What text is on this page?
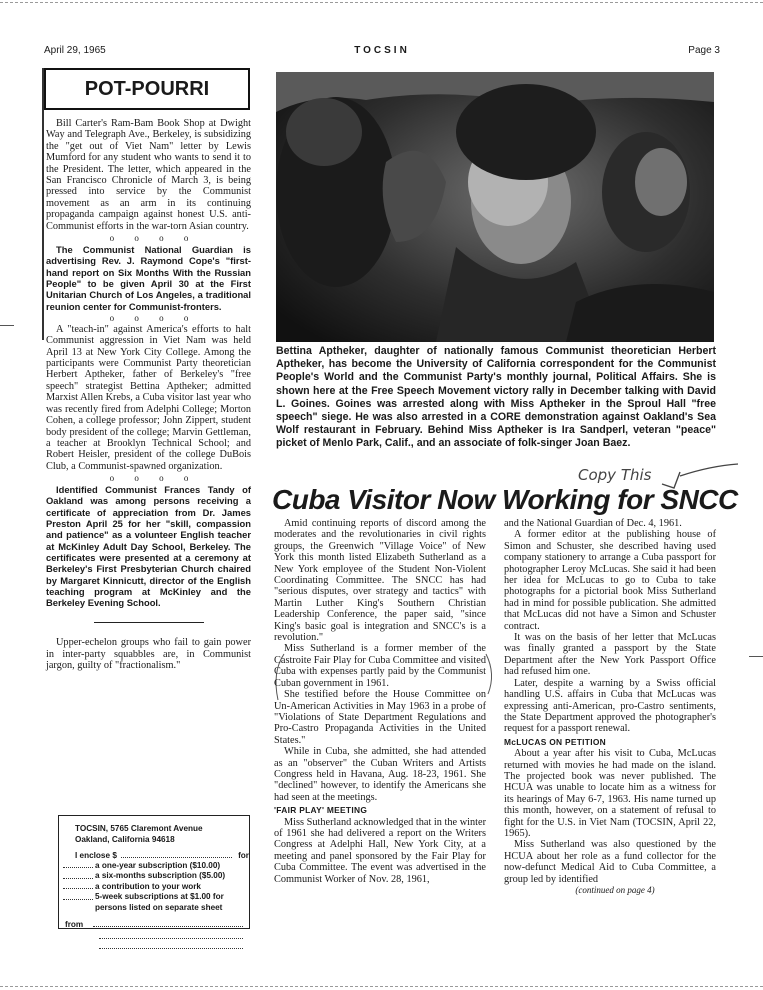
April 29, 1965	TOCSIN	Page 3
POT-POURRI

Bill Carter's Ram-Bam Book Shop at Dwight Way and Telegraph Ave., Berkeley, is subsidizing the "get out of Viet Nam" letter by Lewis Mumford for any student who wants to send it to the President. The letter, which appeared in the San Francisco Chronicle of March 3, is being pressed into service by the Communist movement as an arm in its continuing propaganda campaign against honest U.S. anti-Communist efforts in the war-torn Asian country.

o o o o

The Communist National Guardian is advertising Rev. J. Raymond Cope's "first-hand report on Six Months With the Russian People" to be given April 30 at the First Unitarian Church of Los Angeles, a traditional reunion center for Communist-fronters.

o o o o

A "teach-in" against America's efforts to halt Communist aggression in Viet Nam was held April 13 at New York City College. Among the participants were Communist Party theoretician Herbert Aptheker, father of Berkeley's "free speech" strategist Bettina Aptheker; admitted Marxist Allen Krebs, a Cuba visitor last year who was recently fired from Adelphi College; Morton Cohen, a college professor; John Zippert, student body president of the college; Marvin Gettleman, a teacher at Brooklyn Technical School; and Robert Heisler, president of the college DuBois Club, a Communist-spawned organization.

o o o o

Identified Communist Frances Tandy of Oakland was among persons receiving a certificate of appreciation from Dr. James Preston April 25 for her "skill, compassion and patience" as a volunteer English teacher at McKinley Adult Day School, Berkeley. The certificates were presented at a ceremony at Berkeley's First Presbyterian Church chaired by Margaret Kinnicutt, director of the English teaching program at McKinley and the Berkeley Evening School.

Upper-echelon groups who fail to gain power in inter-party squabbles are, in Communist jargon, guilty of "fractionalism."

TOCSIN, 5765 Claremont Avenue
Oakland, California 94618
I enclose $	for
a one-year subscription ($10.00)
a six-months subscription ($5.00)
a contribution to your work
5-week subscriptions at $1.00 for
persons listed on separate sheet
from
Bettina Aptheker, daughter of nationally famous Communist theoretician Herbert Aptheker, has become the University of California correspondent for the Communist People's World and the Communist Party's monthly journal, Political Affairs. She is shown here at the Free Speech Movement victory rally in December talking with David L. Goines. Goines was arrested along with Miss Aptheker in the Sproul Hall "free speech" siege. He was also arrested in a CORE demonstration against Oakland's Sea Wolf restaurant in February. Behind Miss Aptheker is Ira Sandperl, veteran "peace" picket of Menlo Park, Calif., and an associate of folk-singer Joan Baez.
Copy This
Cuba Visitor Now Working for SNCC

Amid continuing reports of discord among the moderates and the revolutionaries in civil rights groups, the Greenwich "Village Voice" of New York this month listed Elizabeth Sutherland as a New York employee of the Student Non-Violent Coordinating Committee. The SNCC has had "serious disputes, over strategy and tactics" with Martin Luther King's Southern Christian Leadership Conference, the paper said, "since King's basic goal is integration and SNCC's is a revolution."

Miss Sutherland is a former member of the Castroite Fair Play for Cuba Committee and visited Cuba with expenses partly paid by the Communist Cuban government in 1961.

She testified before the House Committee on Un-American Activities in May 1963 in a probe of "Violations of State Department Regulations and Pro-Castro Propaganda Activities in the United States."

While in Cuba, she admitted, she had attended as an "observer" the Cuban Writers and Artists Congress held in Havana, Aug. 18-23, 1961. She "declined" however, to identify the Americans she had seen at the meetings.

'FAIR PLAY' MEETING

Miss Sutherland acknowledged that in the winter of 1961 she had delivered a report on the Writers Congress at Adelphi Hall, New York City, at a meeting and panel sponsored by the Fair Play for Cuba Committee. The event was advertised in the Communist Worker of Nov. 28, 1961,

and the National Guardian of Dec. 4, 1961.

A former editor at the publishing house of Simon and Schuster, she described having used company stationery to arrange a Cuba passport for photographer Leroy McLucas. She said it had been her idea for McLucas to go to Cuba to take photographs for a pictorial book Miss Sutherland had in mind for possible publication. She admitted that McLucas did not have a Simon and Schuster contract.

It was on the basis of her letter that McLucas was finally granted a passport by the State Department after the New York Passport Office had refused him one.

Later, despite a warning by a Swiss official handling U.S. affairs in Cuba that McLucas was expressing anti-American, pro-Castro sentiments, the State Department approved the photographer's request for a passport renewal.

McLUCAS ON PETITION

About a year after his visit to Cuba, McLucas returned with movies he had made on the island. The projected book was never published. The HCUA was unable to locate him as a witness for its hearings of May 6-7, 1963. His name turned up this month, however, on a statement of refusal to fight for the U.S. in Viet Nam (TOCSIN, April 22, 1965).

Miss Sutherland was also questioned by the HCUA about her role as a fund collector for the now-defunct Medical Aid to Cuba Committee, a group led by identified

(continued on page 4)
